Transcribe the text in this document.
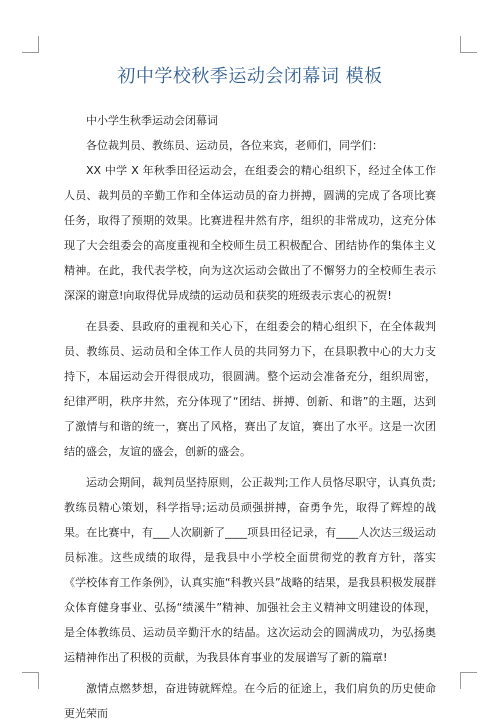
初中学校秋季运动会闭幕词 模板

中小学生秋季运动会闭幕词

各位裁判员、教练员、运动员，各位来宾，老师们，同学们：

XX 中学 X 年秋季田径运动会，在组委会的精心组织下，经过全体工作人员、裁判员的辛勤工作和全体运动员的奋力拼搏，圆满的完成了各项比赛任务，取得了预期的效果。比赛进程井然有序，组织的非常成功，这充分体现了大会组委会的高度重视和全校师生员工积极配合、团结协作的集体主义精神。在此，我代表学校，向为这次运动会做出了不懈努力的全校师生表示深深的谢意!向取得优异成绩的运动员和获奖的班级表示衷心的祝贺!

在县委、县政府的重视和关心下，在组委会的精心组织下，在全体裁判员、教练员、运动员和全体工作人员的共同努力下，在县职教中心的大力支持下，本届运动会开得很成功，很圆满。整个运动会准备充分，组织周密，纪律严明，秩序井然，充分体现了“团结、拼搏、创新、和谐”的主题，达到了激情与和谐的统一，赛出了风格，赛出了友谊，赛出了水平。这是一次团结的盛会，友谊的盛会，创新的盛会。

运动会期间，裁判员坚持原则，公正裁判;工作人员恪尽职守，认真负责;教练员精心策划，科学指导;运动员顽强拼搏，奋勇争先，取得了辉煌的战果。在比赛中，有___人次刷新了____项县田径记录，有____人次达三级运动员标准。这些成绩的取得，是我县中小学校全面贯彻党的教育方针，落实《学校体育工作条例》，认真实施“科教兴县”战略的结果，是我县积极发展群众体育健身事业、弘扬“绩溪牛”精神、加强社会主义精神文明建设的体现，是全体教练员、运动员辛勤汗水的结晶。这次运动会的圆满成功，为弘扬奥运精神作出了积极的贡献，为我县体育事业的发展谱写了新的篇章!

激情点燃梦想，奋进铸就辉煌。在今后的征途上，我们肩负的历史使命更光荣而
